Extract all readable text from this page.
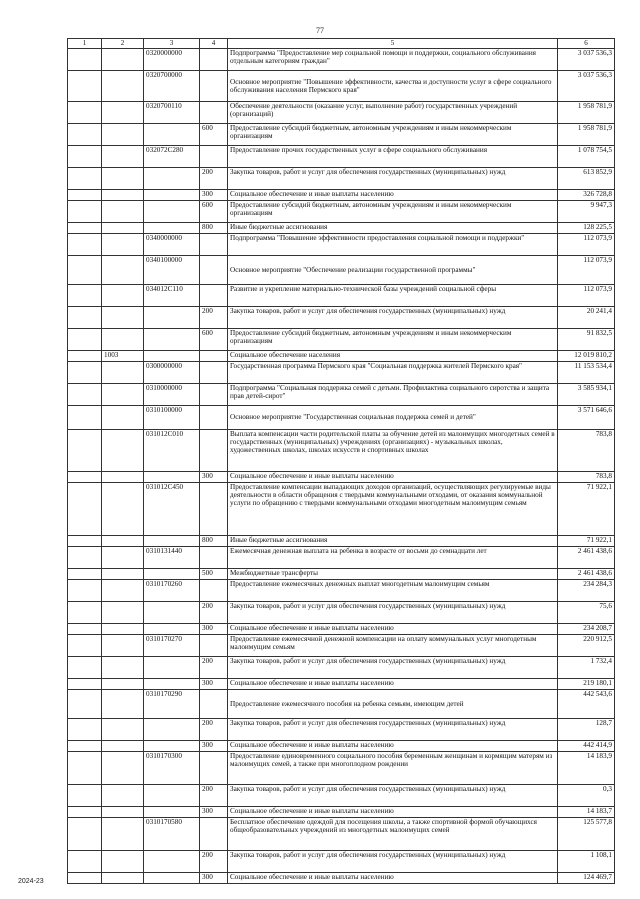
77
1	2	3	4	5	6
		0320000000		Подпрограмма "Предоставление мер социальной помощи и поддержки, социального обслуживания отдельным категориям граждан"	3 037 536,3
		0320700000		Основное мероприятие "Повышение эффективности, качества и доступности услуг в сфере социального обслуживания населения Пермского края"	3 037 536,3
		0320700110		Обеспечение деятельности (оказание услуг, выполнение работ) государственных учреждений (организаций)	1 958 781,9
			600	Предоставление субсидий бюджетным, автономным учреждениям и иным некоммерческим организациям	1 958 781,9
		032072С280		Предоставление прочих государственных услуг в сфере социального обслуживания	1 078 754,5
			200	Закупка товаров, работ и услуг для обеспечения государственных (муниципальных) нужд	613 852,9
			300	Социальное обеспечение и иные выплаты населению	326 728,8
			600	Предоставление субсидий бюджетным, автономным учреждениям и иным некоммерческим организациям	9 947,3
			800	Иные бюджетные ассигнования	128 225,5
		0340000000		Подпрограмма "Повышение эффективности предоставления социальной помощи и поддержки"	112 073,9
		0340100000		Основное мероприятие "Обеспечение реализации государственной программы"	112 073,9
		034012С110		Развитие и укрепление материально-технической базы учреждений социальной сферы	112 073,9
			200	Закупка товаров, работ и услуг для обеспечения государственных (муниципальных) нужд	20 241,4
			600	Предоставление субсидий бюджетным, автономным учреждениям и иным некоммерческим организациям	91 832,5
	1003			Социальное обеспечение населения	12 019 810,2
		0300000000		Государственная программа Пермского края "Социальная поддержка жителей Пермского края"	11 153 534,4
		0310000000		Подпрограмма "Социальная поддержка семей с детьми. Профилактика социального сиротства и защита прав детей-сирот"	3 585 934,1
		0310100000		Основное мероприятие "Государственная социальная поддержка семей и детей"	3 571 646,6
		031012С010		Выплата компенсации части родительской платы за обучение детей из малоимущих многодетных семей в государственных (муниципальных) учреждениях (организациях) - музыкальных школах, художественных школах, школах искусств и спортивных школах	783,8
			300	Социальное обеспечение и иные выплаты населению	783,8
		031012С450		Предоставление компенсации выпадающих доходов организаций, осуществляющих регулируемые виды деятельности в области обращения с твердыми коммунальными отходами, от оказания коммунальной услуги по обращению с твердыми коммунальными отходами многодетным малоимущим семьям	71 922,1
			800	Иные бюджетные ассигнования	71 922,1
		0310131440		Ежемесячная денежная выплата на ребенка в возрасте от восьми до семнадцати лет	2 461 438,6
			500	Межбюджетные трансферты	2 461 438,6
		0310170260		Предоставление ежемесячных денежных выплат многодетным малоимущим семьям	234 284,3
			200	Закупка товаров, работ и услуг для обеспечения государственных (муниципальных) нужд	75,6
			300	Социальное обеспечение и иные выплаты населению	234 208,7
		0310170270		Предоставление ежемесячной денежной компенсации на оплату коммунальных услуг многодетным малоимущим семьям	220 912,5
			200	Закупка товаров, работ и услуг для обеспечения государственных (муниципальных) нужд	1 732,4
			300	Социальное обеспечение и иные выплаты населению	219 180,1
		0310170290		Предоставление ежемесячного пособия на ребенка семьям, имеющим детей	442 543,6
			200	Закупка товаров, работ и услуг для обеспечения государственных (муниципальных) нужд	128,7
			300	Социальное обеспечение и иные выплаты населению	442 414,9
		0310170300		Предоставление единовременного социального пособия беременным женщинам и кормящим матерям из малоимущих семей, а также при многоплодном рождении	14 183,9
			200	Закупка товаров, работ и услуг для обеспечения государственных (муниципальных) нужд	0,3
			300	Социальное обеспечение и иные выплаты населению	14 183,7
		0310170580		Бесплатное обеспечение одеждой для посещения школы, а также спортивной формой обучающихся общеобразовательных учреждений из многодетных малоимущих семей	125 577,8
			200	Закупка товаров, работ и услуг для обеспечения государственных (муниципальных) нужд	1 108,1
			300	Социальное обеспечение и иные выплаты населению	124 469,7
2024-23
